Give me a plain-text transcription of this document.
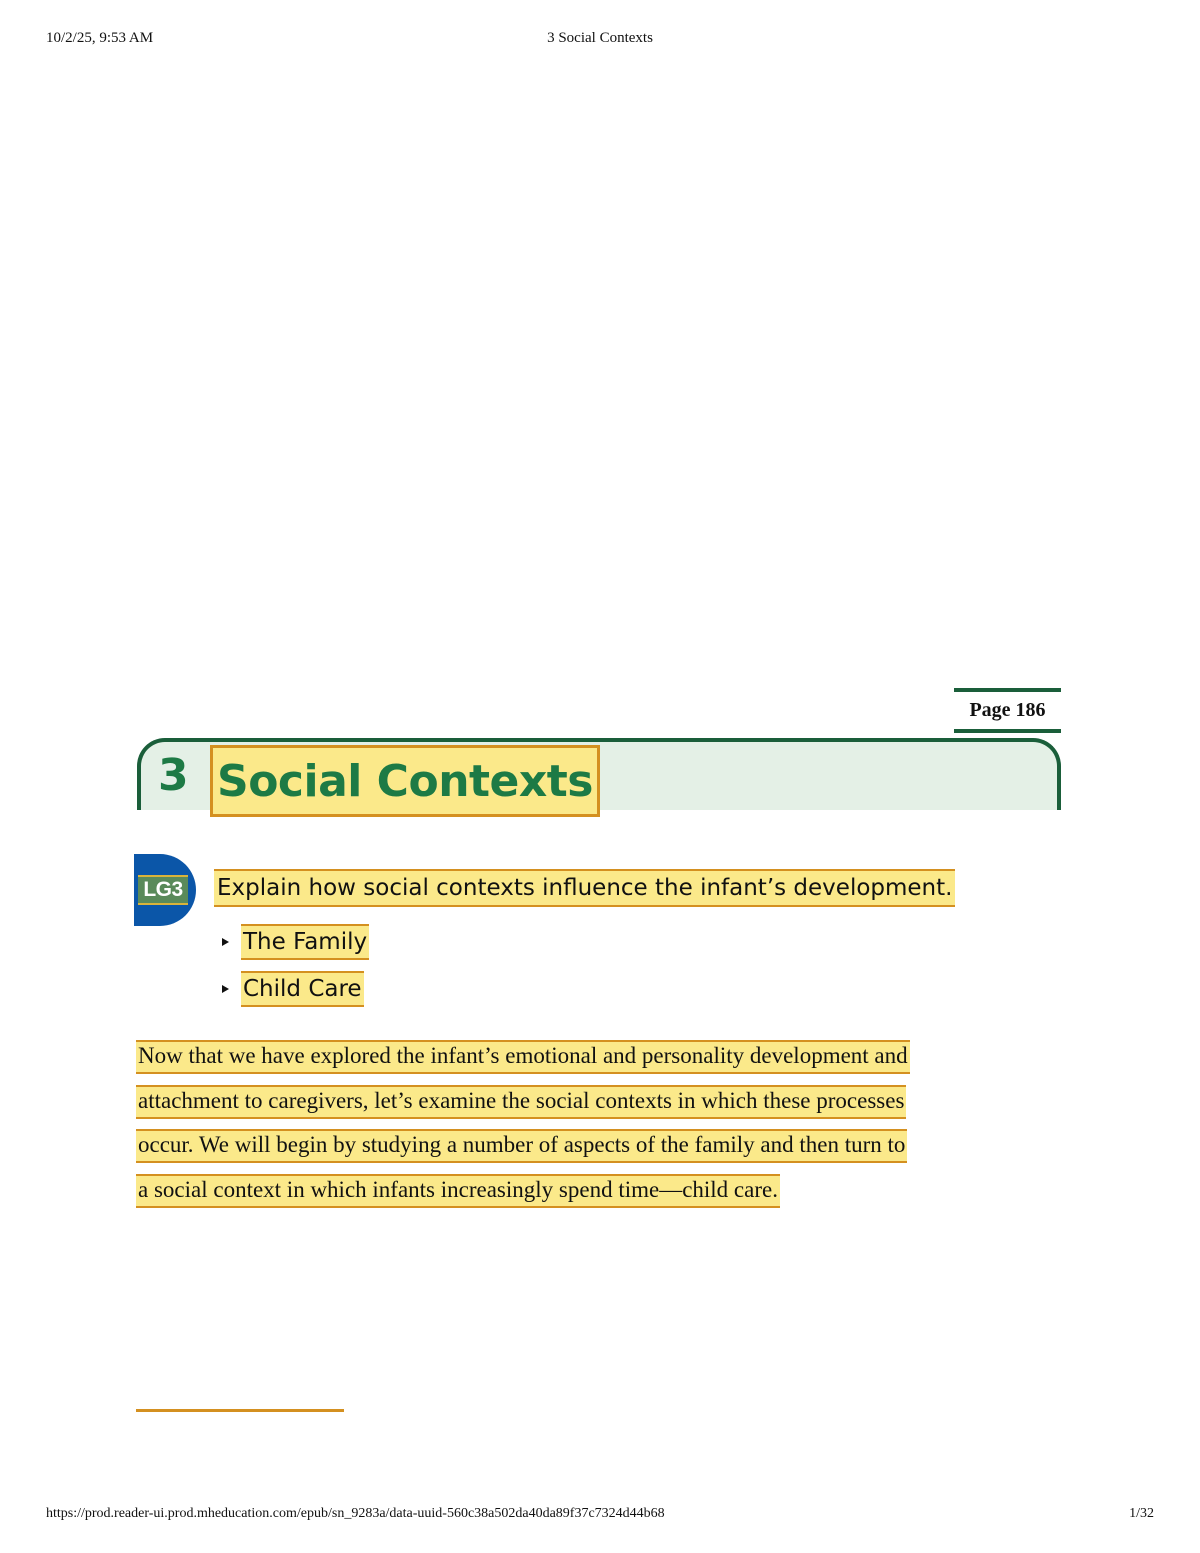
10/2/25, 9:53 AM	3 Social Contexts
Page 186
3 Social Contexts
LG3 Explain how social contexts influence the infant’s development.
The Family
Child Care
Now that we have explored the infant’s emotional and personality development and
attachment to caregivers, let’s examine the social contexts in which these processes
occur. We will begin by studying a number of aspects of the family and then turn to
a social context in which infants increasingly spend time—child care.
https://prod.reader-ui.prod.mheducation.com/epub/sn_9283a/data-uuid-560c38a502da40da89f37c7324d44b68	1/32
